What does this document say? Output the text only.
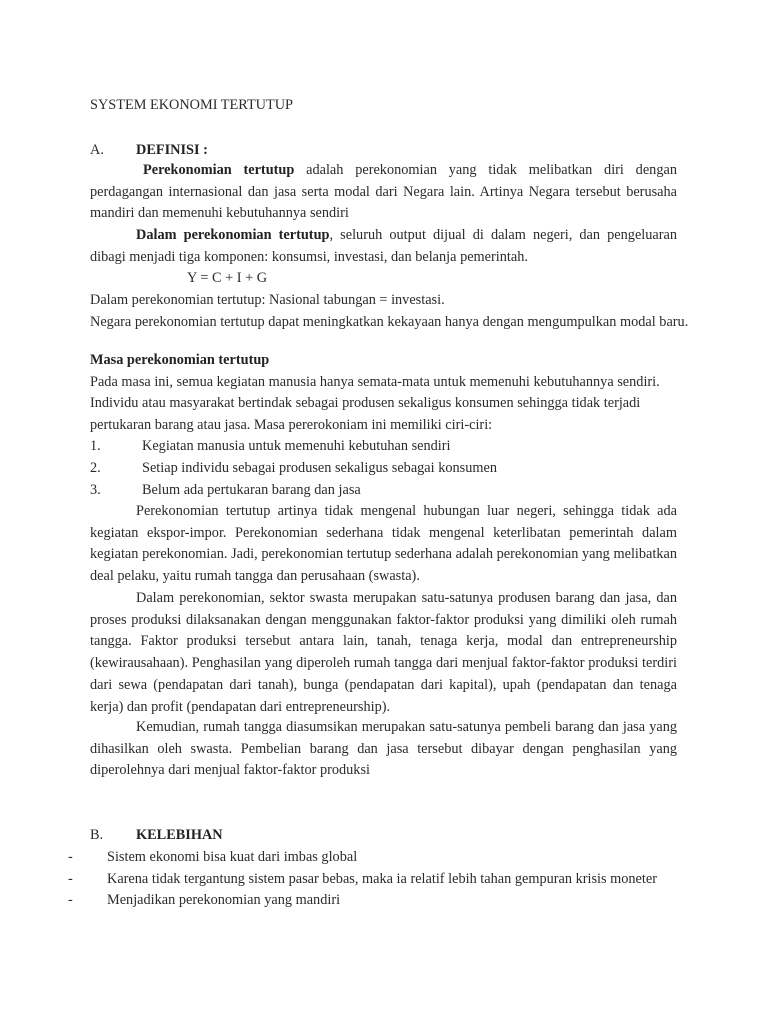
SYSTEM EKONOMI TERTUTUP
A. DEFINISI :
Perekonomian tertutup adalah perekonomian yang tidak melibatkan diri dengan perdagangan internasional dan jasa serta modal dari Negara lain. Artinya Negara tersebut berusaha mandiri dan memenuhi kebutuhannya sendiri
Dalam perekonomian tertutup, seluruh output dijual di dalam negeri, dan pengeluaran dibagi menjadi tiga komponen: konsumsi, investasi, dan belanja pemerintah.
Y = C + I + G
Dalam perekonomian tertutup: Nasional tabungan = investasi.
Negara perekonomian tertutup dapat meningkatkan kekayaan hanya dengan mengumpulkan modal baru.
Masa perekonomian tertutup
Pada masa ini, semua kegiatan manusia hanya semata-mata untuk memenuhi kebutuhannya sendiri.
Individu atau masyarakat bertindak sebagai produsen sekaligus konsumen sehingga tidak terjadi
pertukaran barang atau jasa. Masa pererokoniam ini memiliki ciri-ciri:
1.	Kegiatan manusia untuk memenuhi kebutuhan sendiri
2.	Setiap individu sebagai produsen sekaligus sebagai konsumen
3.	Belum ada pertukaran barang dan jasa
Perekonomian tertutup artinya tidak mengenal hubungan luar negeri, sehingga tidak ada kegiatan ekspor-impor. Perekonomian sederhana tidak mengenal keterlibatan pemerintah dalam kegiatan perekonomian. Jadi, perekonomian tertutup sederhana adalah perekonomian yang melibatkan deal pelaku, yaitu rumah tangga dan perusahaan (swasta).
Dalam perekonomian, sektor swasta merupakan satu-satunya produsen barang dan jasa, dan proses produksi dilaksanakan dengan menggunakan faktor-faktor produksi yang dimiliki oleh rumah tangga. Faktor produksi tersebut antara lain, tanah, tenaga kerja, modal dan entrepreneurship (kewirausahaan). Penghasilan yang diperoleh rumah tangga dari menjual faktor-faktor produksi terdiri dari sewa (pendapatan dari tanah), bunga (pendapatan dari kapital), upah (pendapatan dan tenaga kerja) dan profit (pendapatan dari entrepreneurship).
Kemudian, rumah tangga diasumsikan merupakan satu-satunya pembeli barang dan jasa yang dihasilkan oleh swasta. Pembelian barang dan jasa tersebut dibayar dengan penghasilan yang diperolehnya dari menjual faktor-faktor produksi
B. KELEBIHAN
- Sistem ekonomi bisa kuat dari imbas global
- Karena tidak tergantung sistem pasar bebas, maka ia relatif lebih tahan gempuran krisis moneter
- Menjadikan perekonomian yang mandiri
